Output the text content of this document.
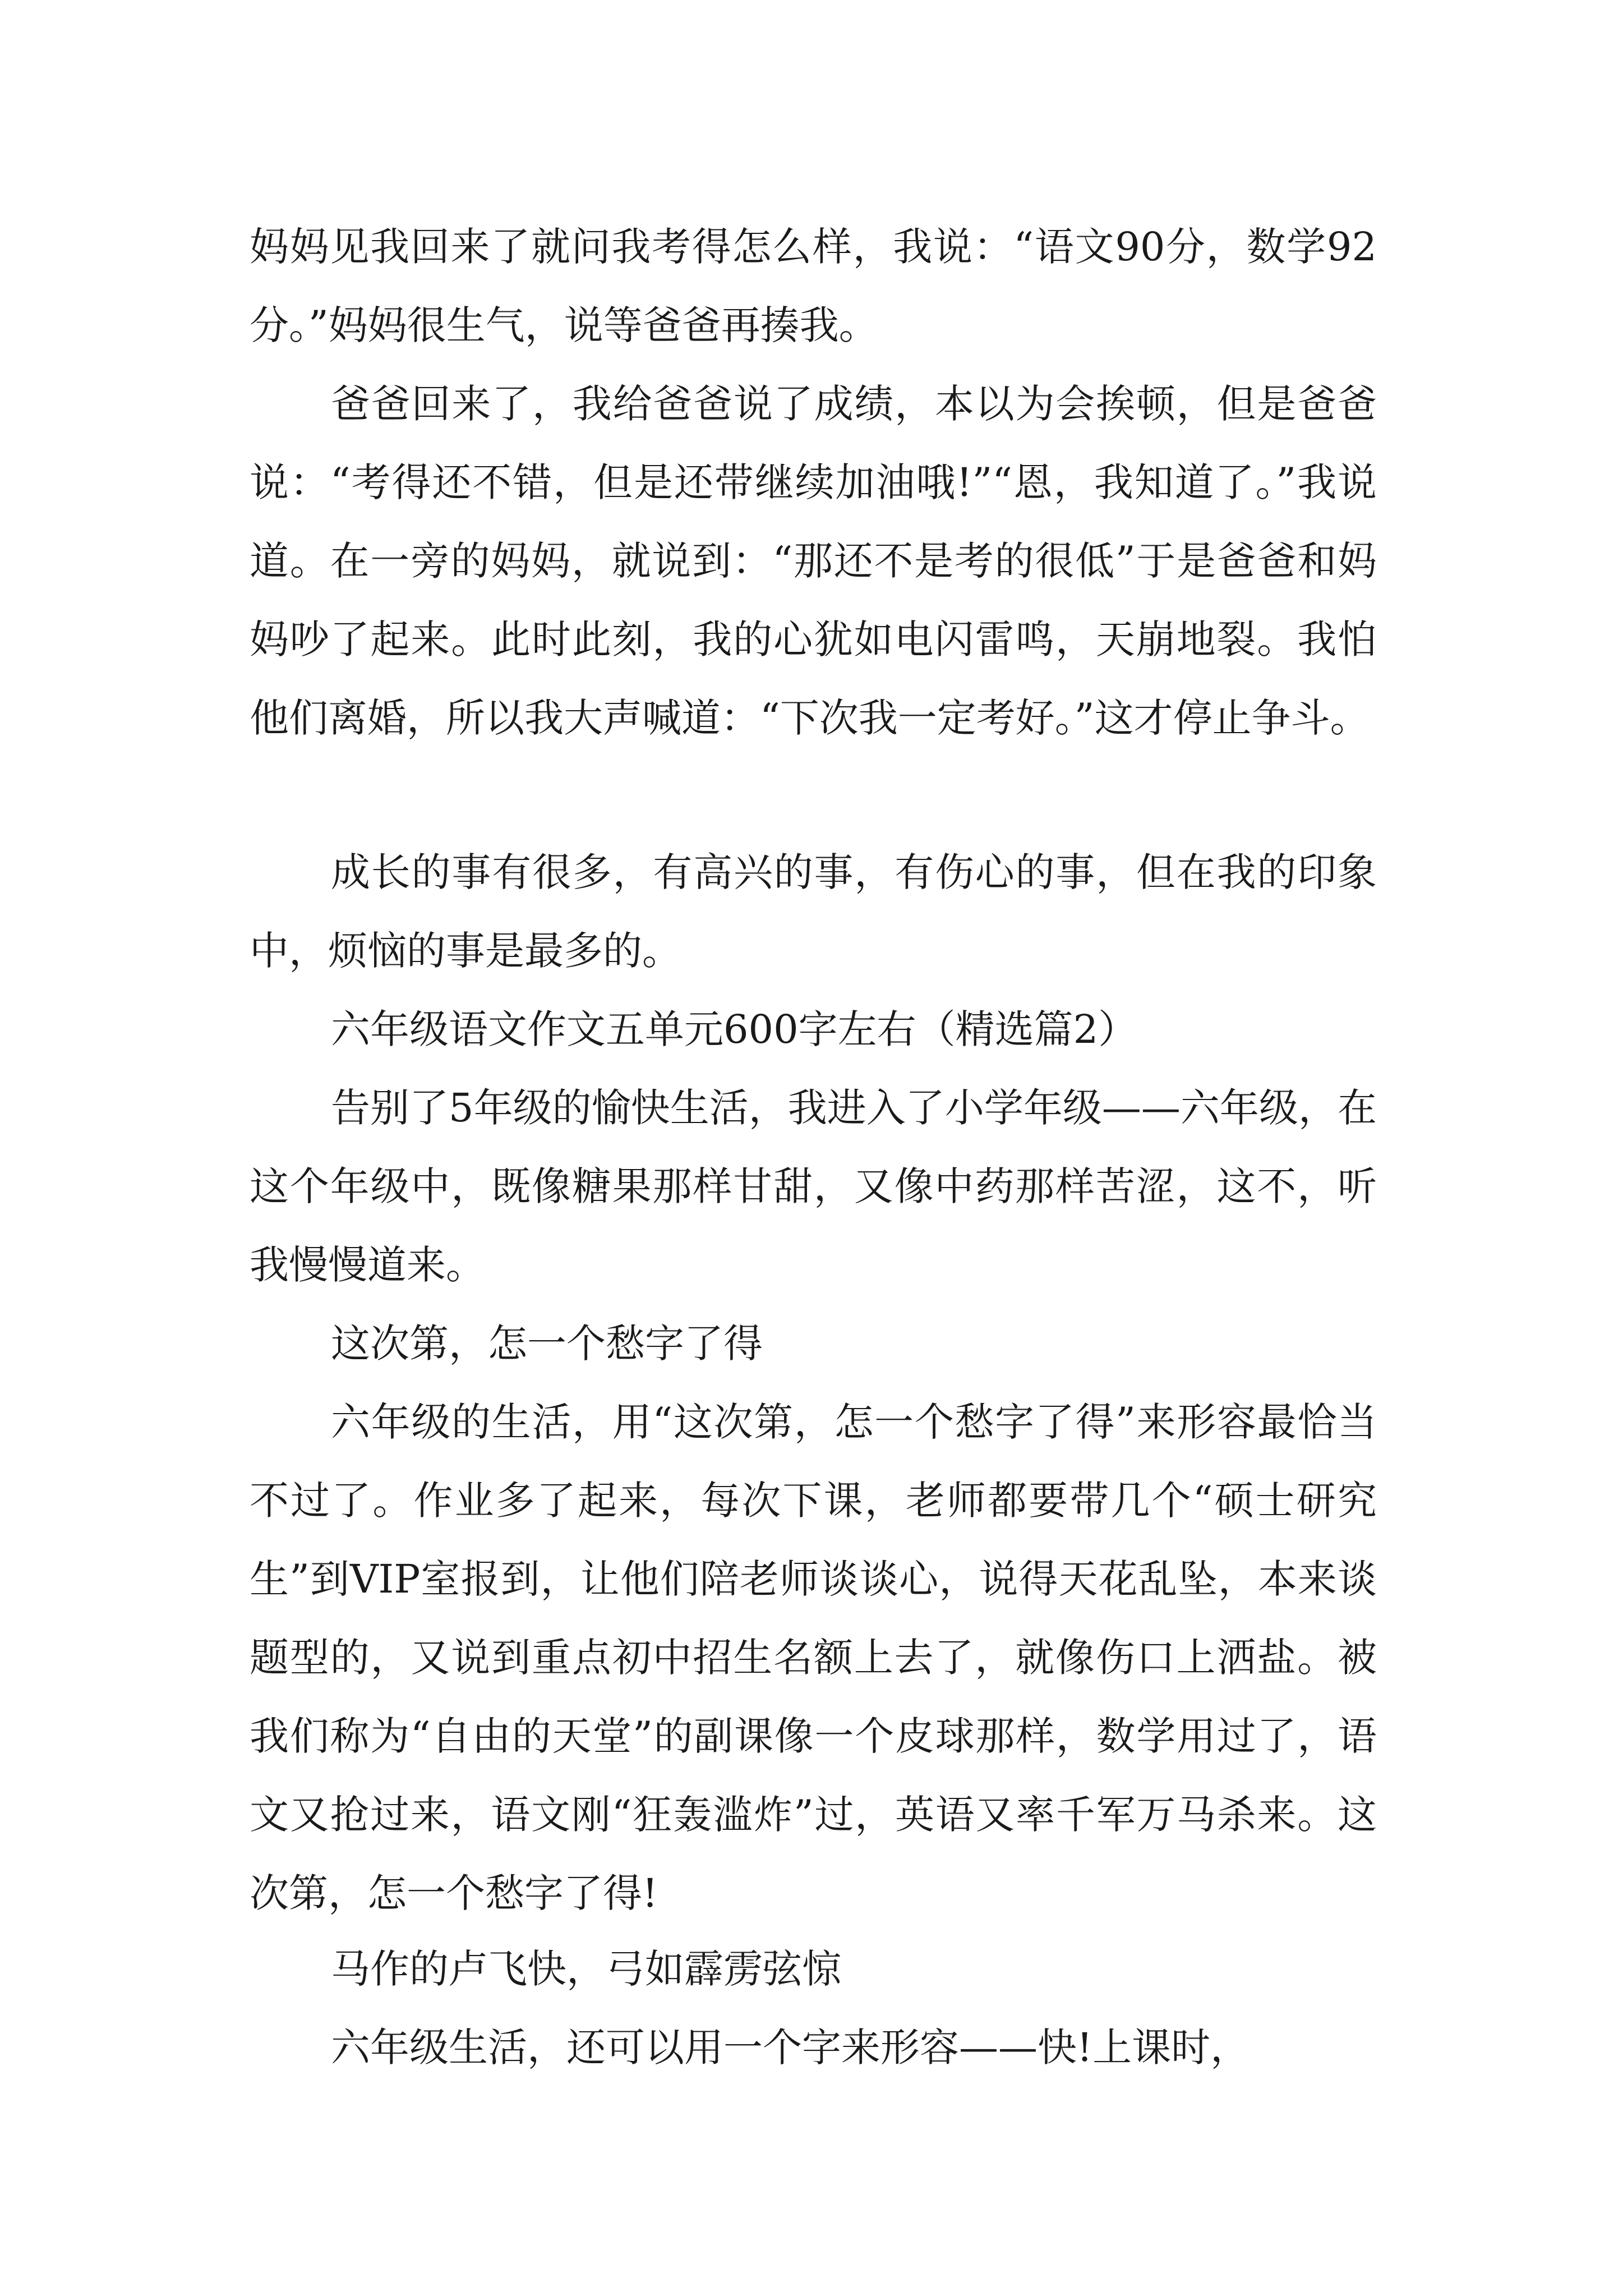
妈妈见我回来了就问我考得怎么样，我说：“语文90分，数学92分。”妈妈很生气，说等爸爸再揍我。

爸爸回来了，我给爸爸说了成绩，本以为会挨顿，但是爸爸说：“考得还不错，但是还带继续加油哦!”“恩，我知道了。”我说道。在一旁的妈妈，就说到：“那还不是考的很低”于是爸爸和妈妈吵了起来。此时此刻，我的心犹如电闪雷鸣，天崩地裂。我怕他们离婚，所以我大声喊道：“下次我一定考好。”这才停止争斗。

成长的事有很多，有高兴的事，有伤心的事，但在我的印象中，烦恼的事是最多的。

六年级语文作文五单元600字左右（精选篇2）

告别了5年级的愉快生活，我进入了小学年级——六年级，在这个年级中，既像糖果那样甘甜，又像中药那样苦涩，这不，听我慢慢道来。

这次第，怎一个愁字了得

六年级的生活，用“这次第，怎一个愁字了得”来形容最恰当不过了。作业多了起来，每次下课，老师都要带几个“硕士研究生”到VIP室报到，让他们陪老师谈谈心，说得天花乱坠，本来谈题型的，又说到重点初中招生名额上去了，就像伤口上洒盐。被我们称为“自由的天堂”的副课像一个皮球那样，数学用过了，语文又抢过来，语文刚“狂轰滥炸”过，英语又率千军万马杀来。这次第，怎一个愁字了得!

马作的卢飞快，弓如霹雳弦惊

六年级生活，还可以用一个字来形容——快!上课时，
